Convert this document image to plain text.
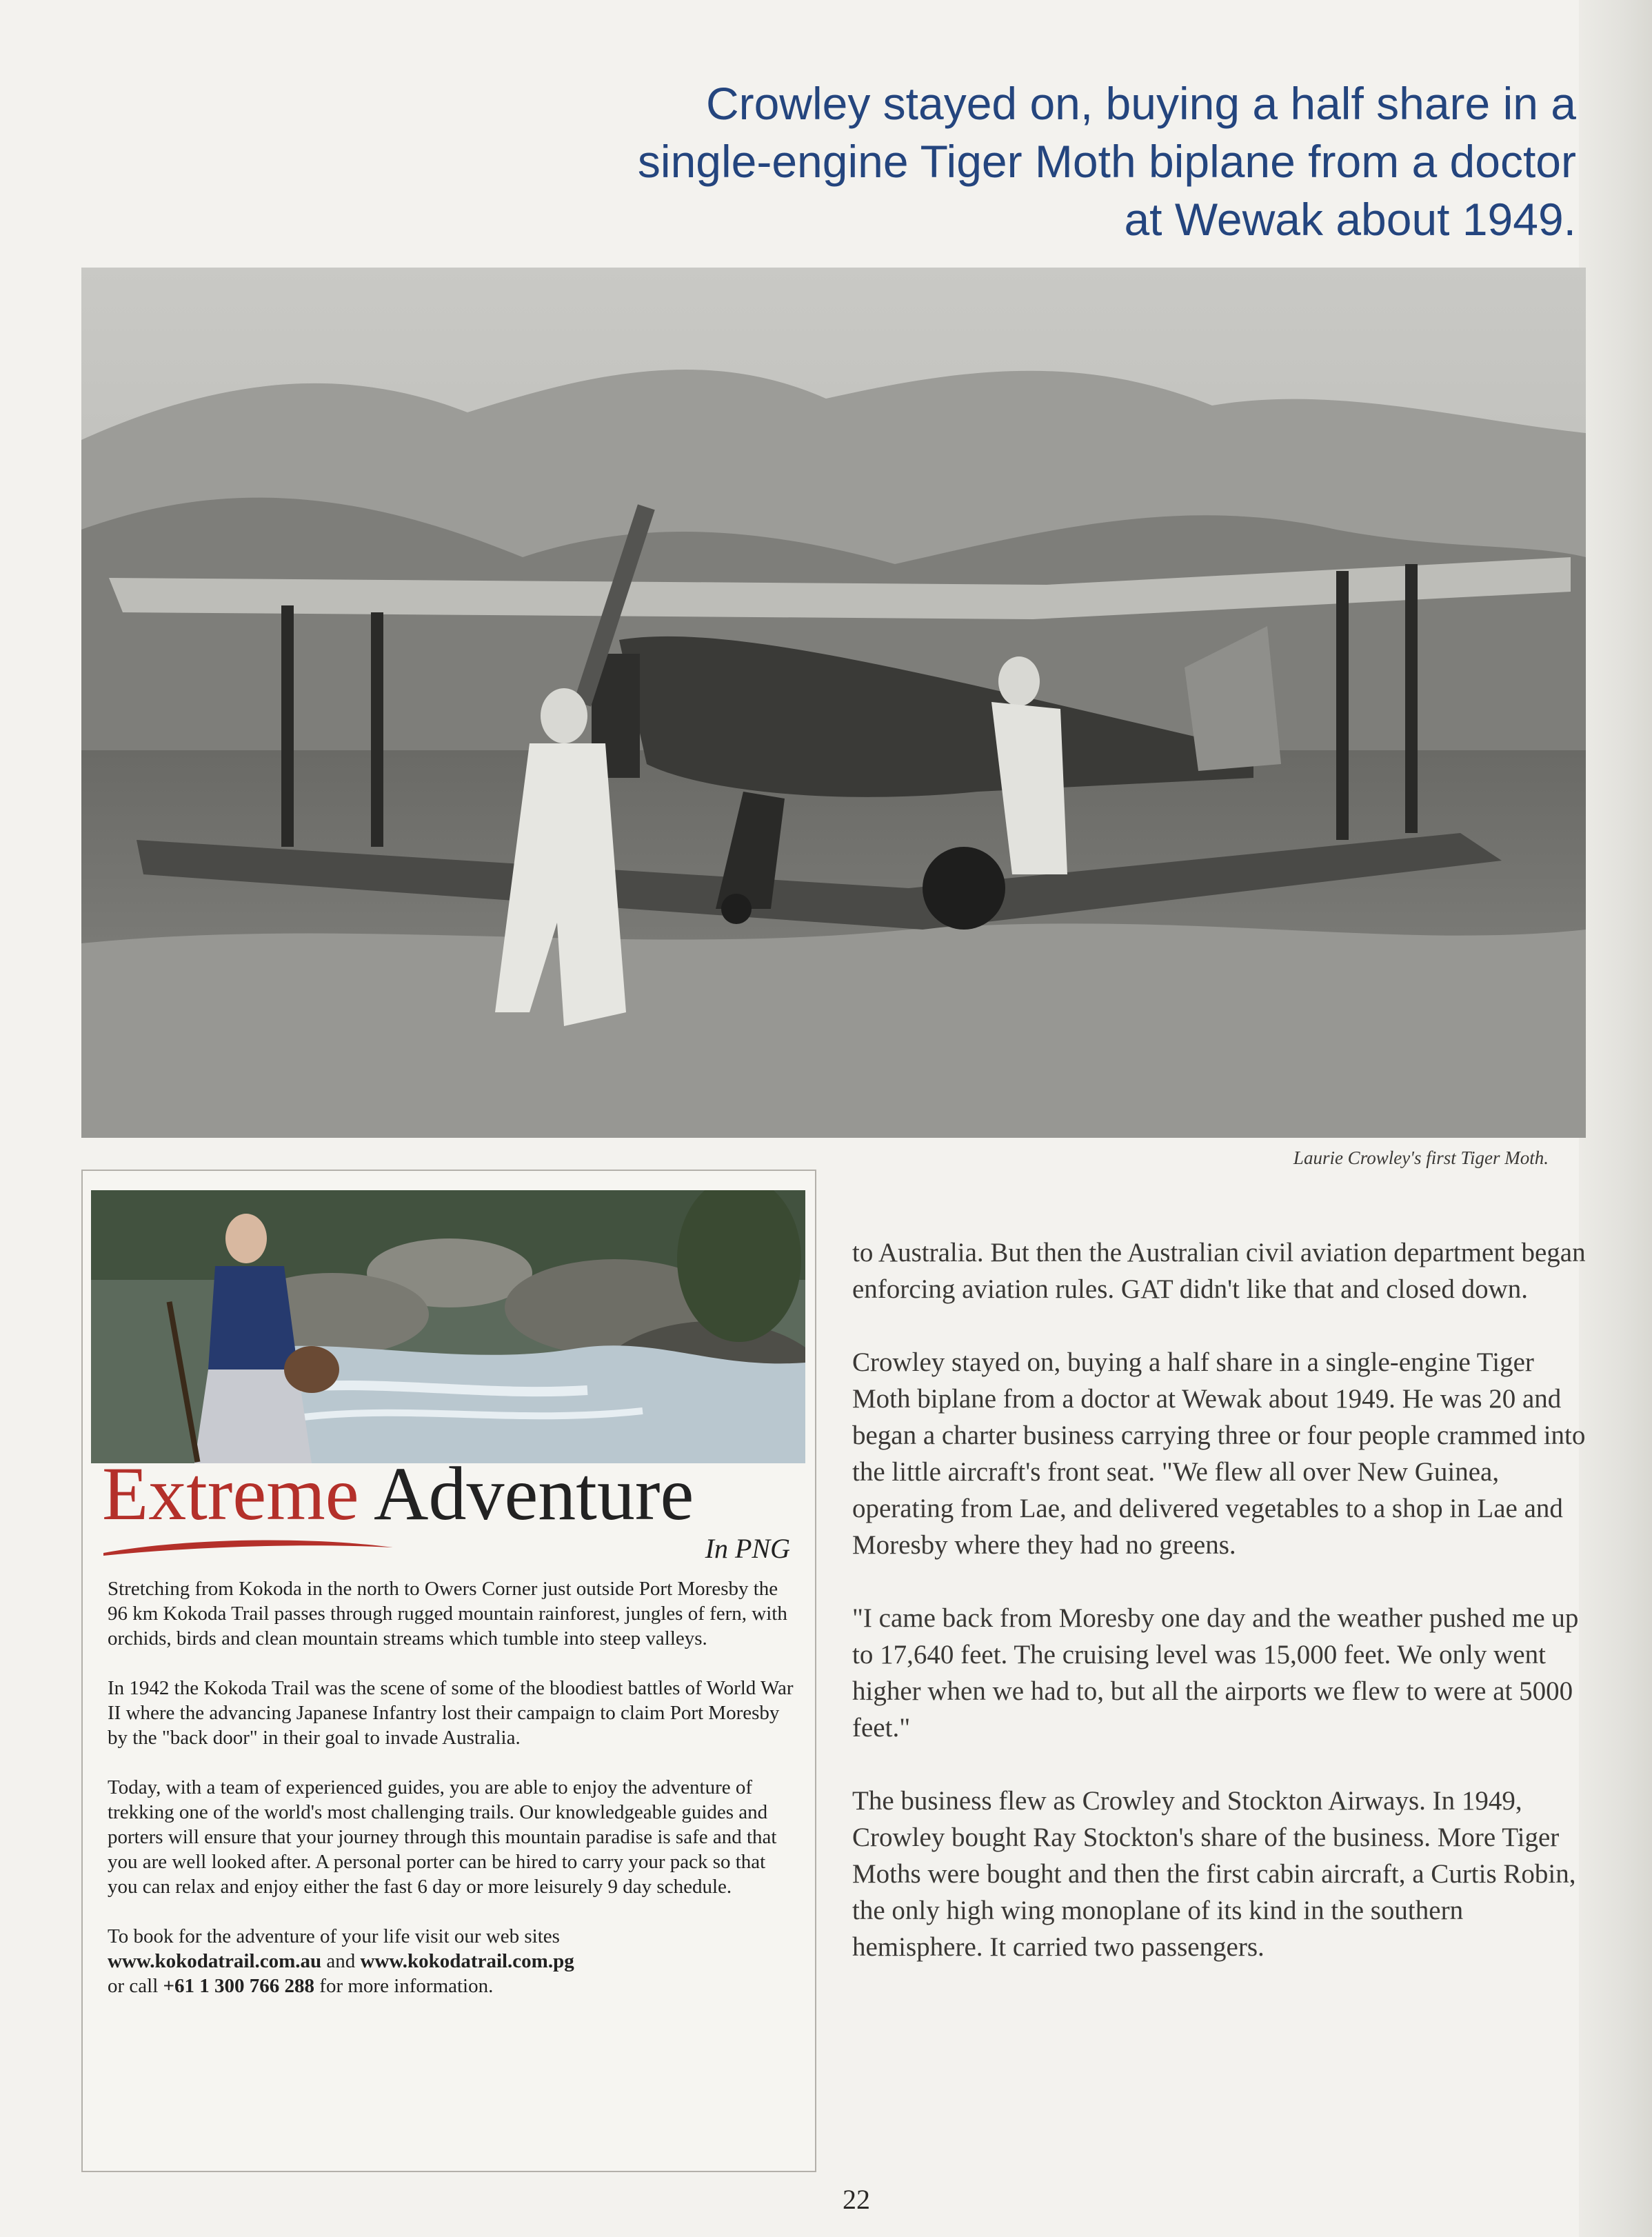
Crowley stayed on, buying a half share in a
single-engine Tiger Moth biplane from a doctor
at Wewak about 1949.
Laurie Crowley's first Tiger Moth.
Extreme Adventure
In PNG

Stretching from Kokoda in the north to Owers Corner just outside Port Moresby the 96 km Kokoda Trail passes through rugged mountain rainforest, jungles of fern, with orchids, birds and clean mountain streams which tumble into steep valleys.

In 1942 the Kokoda Trail was the scene of some of the bloodiest battles of World War II where the advancing Japanese Infantry lost their campaign to claim Port Moresby by the "back door" in their goal to invade Australia.

Today, with a team of experienced guides, you are able to enjoy the adventure of trekking one of the world's most challenging trails. Our knowledgeable guides and porters will ensure that your journey through this mountain paradise is safe and that you are well looked after. A personal porter can be hired to carry your pack so that you can relax and enjoy either the fast 6 day or more leisurely 9 day schedule.

To book for the adventure of your life visit our web sites
www.kokodatrail.com.au and www.kokodatrail.com.pg
or call +61 1 300 766 288 for more information.

to Australia. But then the Australian civil aviation department began enforcing aviation rules. GAT didn't like that and closed down.

Crowley stayed on, buying a half share in a single-engine Tiger Moth biplane from a doctor at Wewak about 1949. He was 20 and began a charter business carrying three or four people crammed into the little aircraft's front seat. "We flew all over New Guinea, operating from Lae, and delivered vegetables to a shop in Lae and Moresby where they had no greens.

"I came back from Moresby one day and the weather pushed me up to 17,640 feet. The cruising level was 15,000 feet. We only went higher when we had to, but all the airports we flew to were at 5000 feet."

The business flew as Crowley and Stockton Airways. In 1949, Crowley bought Ray Stockton's share of the business. More Tiger Moths were bought and then the first cabin aircraft, a Curtis Robin, the only high wing monoplane of its kind in the southern hemisphere. It carried two passengers.

22
